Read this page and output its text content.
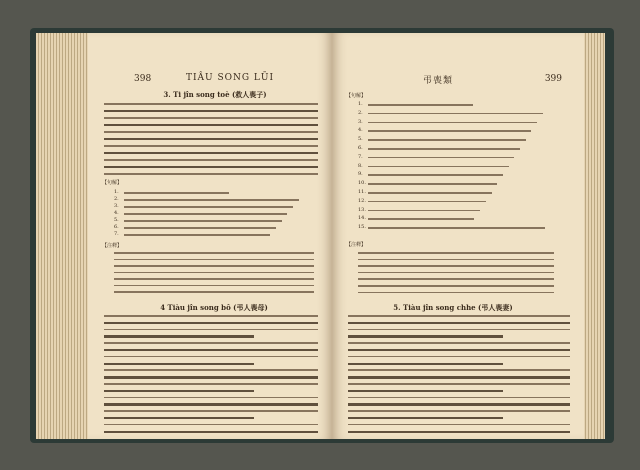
398	TIÂU SONG LŪI
3. Ti jîn song toè (救人喪子)
【句解】
1.
2.
3.
4.
5.
6.
7.
【注釋】
4 Tiàu jîn song bô (弔人喪母)
弔喪類	399
【句解】
1.
2.
3.
4.
5.
6.
7.
8.
9.
10.
11.
12.
13.
14.
15.
【注釋】
5. Tiàu jîn song chhe (弔人喪妻)
